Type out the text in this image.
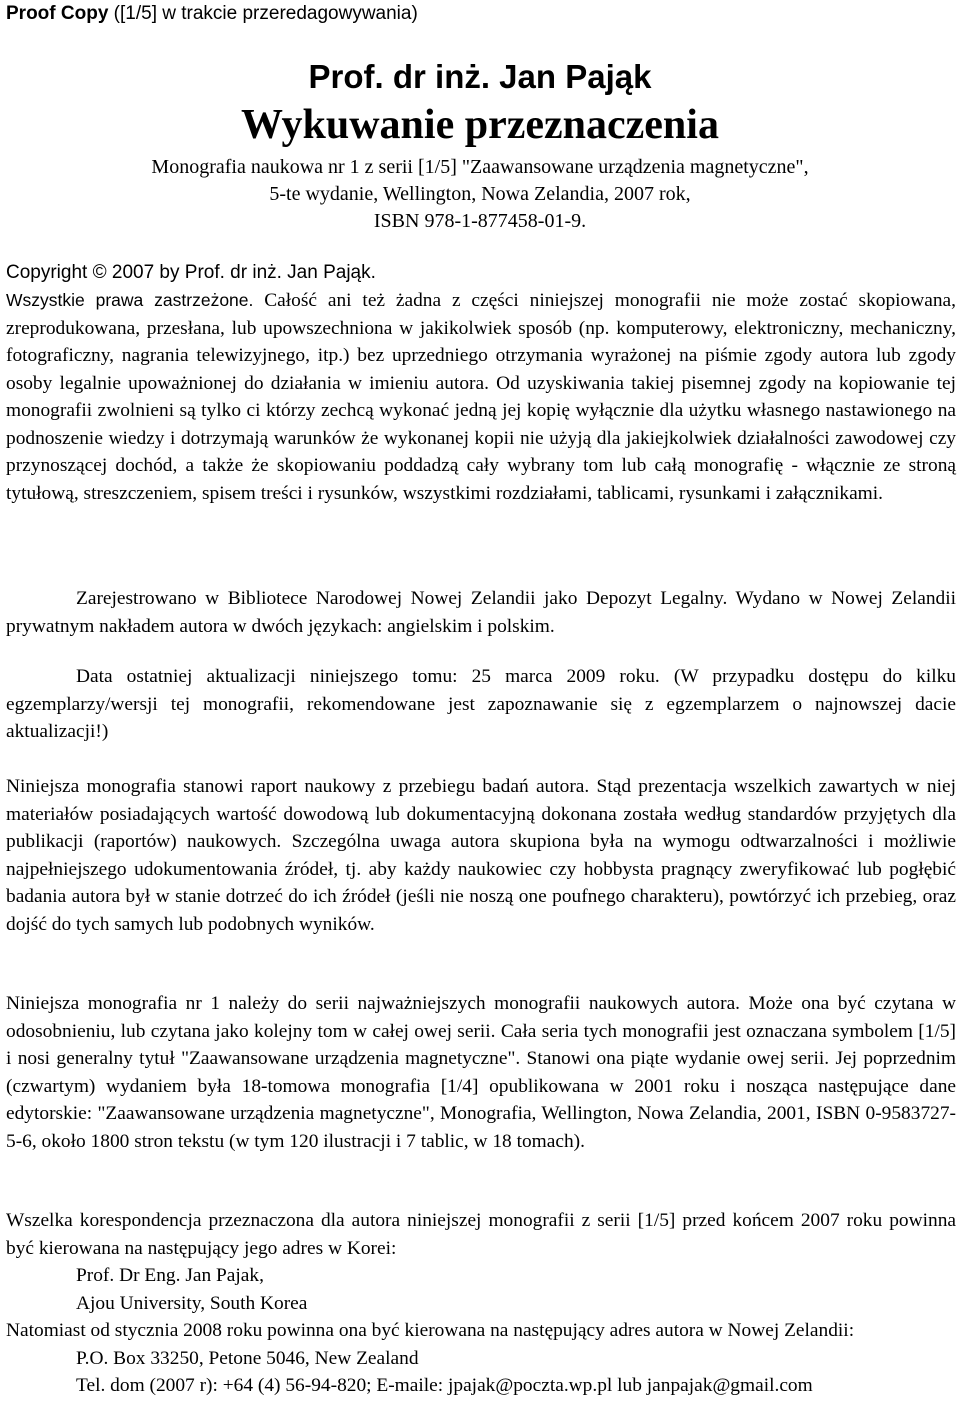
Proof Copy ([1/5] w trakcie przeredagowywania)
Prof. dr inż. Jan Pająk
Wykuwanie przeznaczenia
Monografia naukowa nr 1 z serii [1/5] "Zaawansowane urządzenia magnetyczne",
5-te wydanie, Wellington, Nowa Zelandia, 2007 rok,
ISBN 978-1-877458-01-9.
Copyright © 2007 by Prof. dr inż. Jan Pająk.
Wszystkie prawa zastrzeżone. Całość ani też żadna z części niniejszej monografii nie może zostać skopiowana, zreprodukowana, przesłana, lub upowszechniona w jakikolwiek sposób (np. komputerowy, elektroniczny, mechaniczny, fotograficzny, nagrania telewizyjnego, itp.) bez uprzedniego otrzymania wyrażonej na piśmie zgody autora lub zgody osoby legalnie upoważnionej do działania w imieniu autora. Od uzyskiwania takiej pisemnej zgody na kopiowanie tej monografii zwolnieni są tylko ci którzy zechcą wykonać jedną jej kopię wyłącznie dla użytku własnego nastawionego na podnoszenie wiedzy i dotrzymają warunków że wykonanej kopii nie użyją dla jakiejkolwiek działalności zawodowej czy przynoszącej dochód, a także że skopiowaniu poddadzą cały wybrany tom lub całą monografię - włącznie ze stroną tytułową, streszczeniem, spisem treści i rysunków, wszystkimi rozdziałami, tablicami, rysunkami i załącznikami.
Zarejestrowano w Bibliotece Narodowej Nowej Zelandii jako Depozyt Legalny. Wydano w Nowej Zelandii prywatnym nakładem autora w dwóch językach: angielskim i polskim.
Data ostatniej aktualizacji niniejszego tomu: 25 marca 2009 roku. (W przypadku dostępu do kilku egzemplarzy/wersji tej monografii, rekomendowane jest zapoznawanie się z egzemplarzem o najnowszej dacie aktualizacji!)
Niniejsza monografia stanowi raport naukowy z przebiegu badań autora. Stąd prezentacja wszelkich zawartych w niej materiałów posiadających wartość dowodową lub dokumentacyjną dokonana została według standardów przyjętych dla publikacji (raportów) naukowych. Szczególna uwaga autora skupiona była na wymogu odtwarzalności i możliwie najpełniejszego udokumentowania źródeł, tj. aby każdy naukowiec czy hobbysta pragnący zweryfikować lub pogłębić badania autora był w stanie dotrzeć do ich źródeł (jeśli nie noszą one poufnego charakteru), powtórzyć ich przebieg, oraz dojść do tych samych lub podobnych wyników.
Niniejsza monografia nr 1 należy do serii najważniejszych monografii naukowych autora. Może ona być czytana w odosobnieniu, lub czytana jako kolejny tom w całej owej serii. Cała seria tych monografii jest oznaczana symbolem [1/5] i nosi generalny tytuł "Zaawansowane urządzenia magnetyczne". Stanowi ona piąte wydanie owej serii. Jej poprzednim (czwartym) wydaniem była 18-tomowa monografia [1/4] opublikowana w 2001 roku i nosząca następujące dane edytorskie: "Zaawansowane urządzenia magnetyczne", Monografia, Wellington, Nowa Zelandia, 2001, ISBN 0-9583727-5-6, około 1800 stron tekstu (w tym 120 ilustracji i 7 tablic, w 18 tomach).
Wszelka korespondencja przeznaczona dla autora niniejszej monografii z serii [1/5] przed końcem 2007 roku powinna być kierowana na następujący jego adres w Korei:
Prof. Dr Eng. Jan Pajak,
Ajou University, South Korea
Natomiast od stycznia 2008 roku powinna ona być kierowana na następujący adres autora w Nowej Zelandii:
P.O. Box 33250, Petone 5046, New Zealand
Tel. dom (2007 r): +64 (4) 56-94-820; E-maile: jpajak@poczta.wp.pl lub janpajak@gmail.com
